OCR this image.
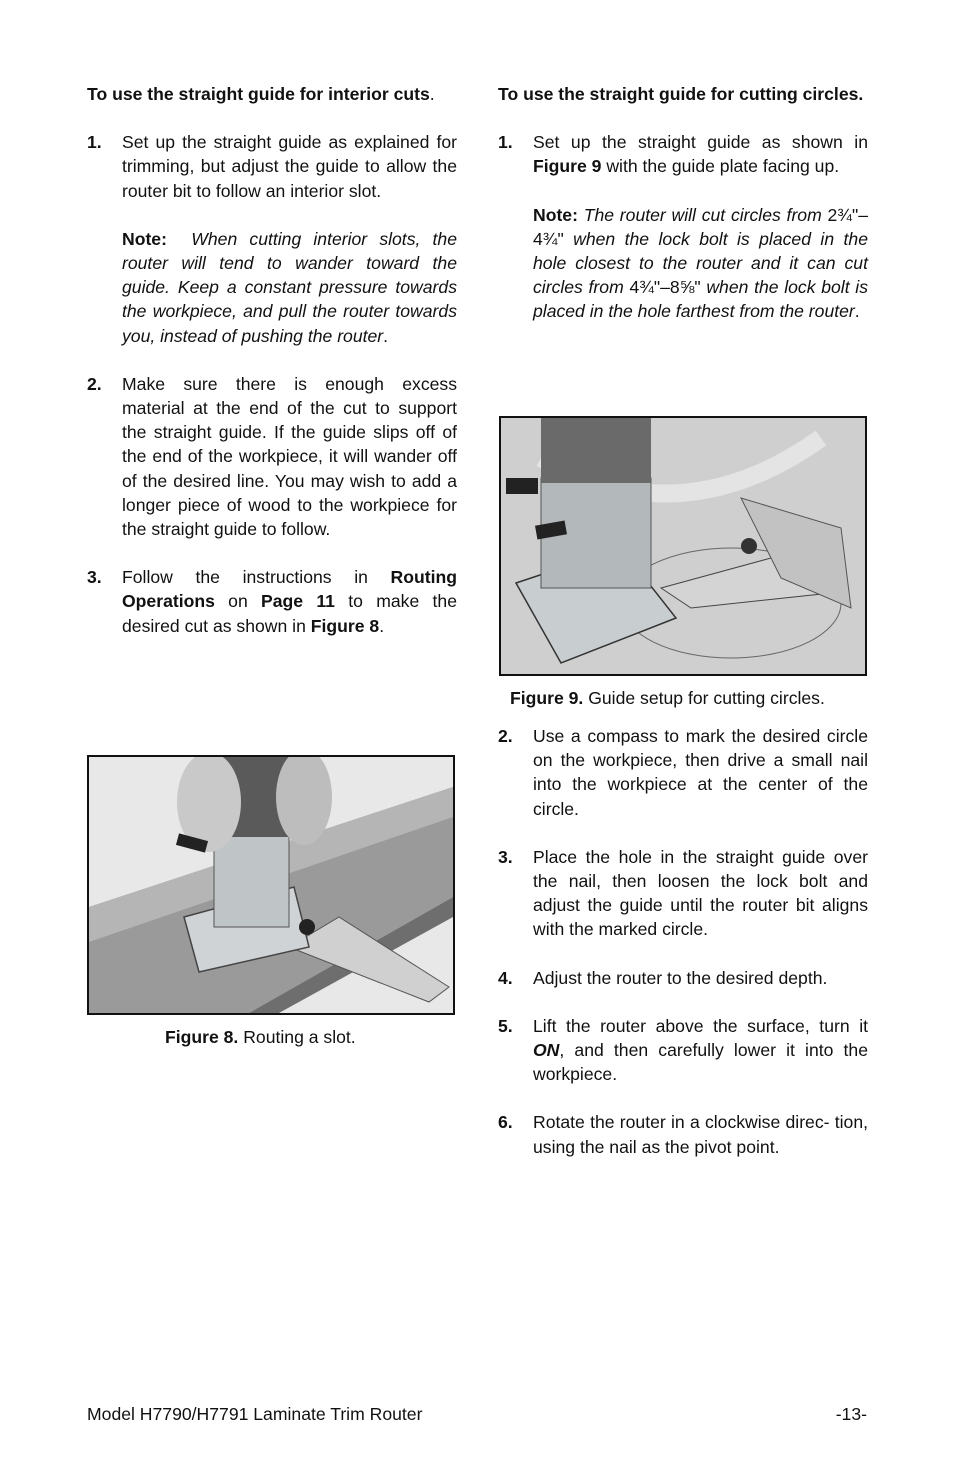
To use the straight guide for interior cuts.

1. Set up the straight guide as explained for trimming, but adjust the guide to allow the router bit to follow an interior slot.
Note: When cutting interior slots, the router will tend to wander toward the guide. Keep a constant pressure towards the workpiece, and pull the router towards you, instead of pushing the router.
2. Make sure there is enough excess material at the end of the cut to support the straight guide. If the guide slips off of the end of the workpiece, it will wander off of the desired line. You may wish to add a longer piece of wood to the workpiece for the straight guide to follow.
3. Follow the instructions in Routing Operations on Page 11 to make the desired cut as shown in Figure 8.
Figure 8. Routing a slot.

To use the straight guide for cutting circles.

1. Set up the straight guide as shown in Figure 9 with the guide plate facing up.
Note: The router will cut circles from 2¾"–4¾" when the lock bolt is placed in the hole closest to the router and it can cut circles from 4¾"–8⅝" when the lock bolt is placed in the hole farthest from the router.
Figure 9. Guide setup for cutting circles.
2. Use a compass to mark the desired circle on the workpiece, then drive a small nail into the workpiece at the center of the circle.
3. Place the hole in the straight guide over the nail, then loosen the lock bolt and adjust the guide until the router bit aligns with the marked circle.
4. Adjust the router to the desired depth.
5. Lift the router above the surface, turn it ON, and then carefully lower it into the workpiece.
6. Rotate the router in a clockwise direc- tion, using the nail as the pivot point.
Model H7790/H7791 Laminate Trim Router	-13-
